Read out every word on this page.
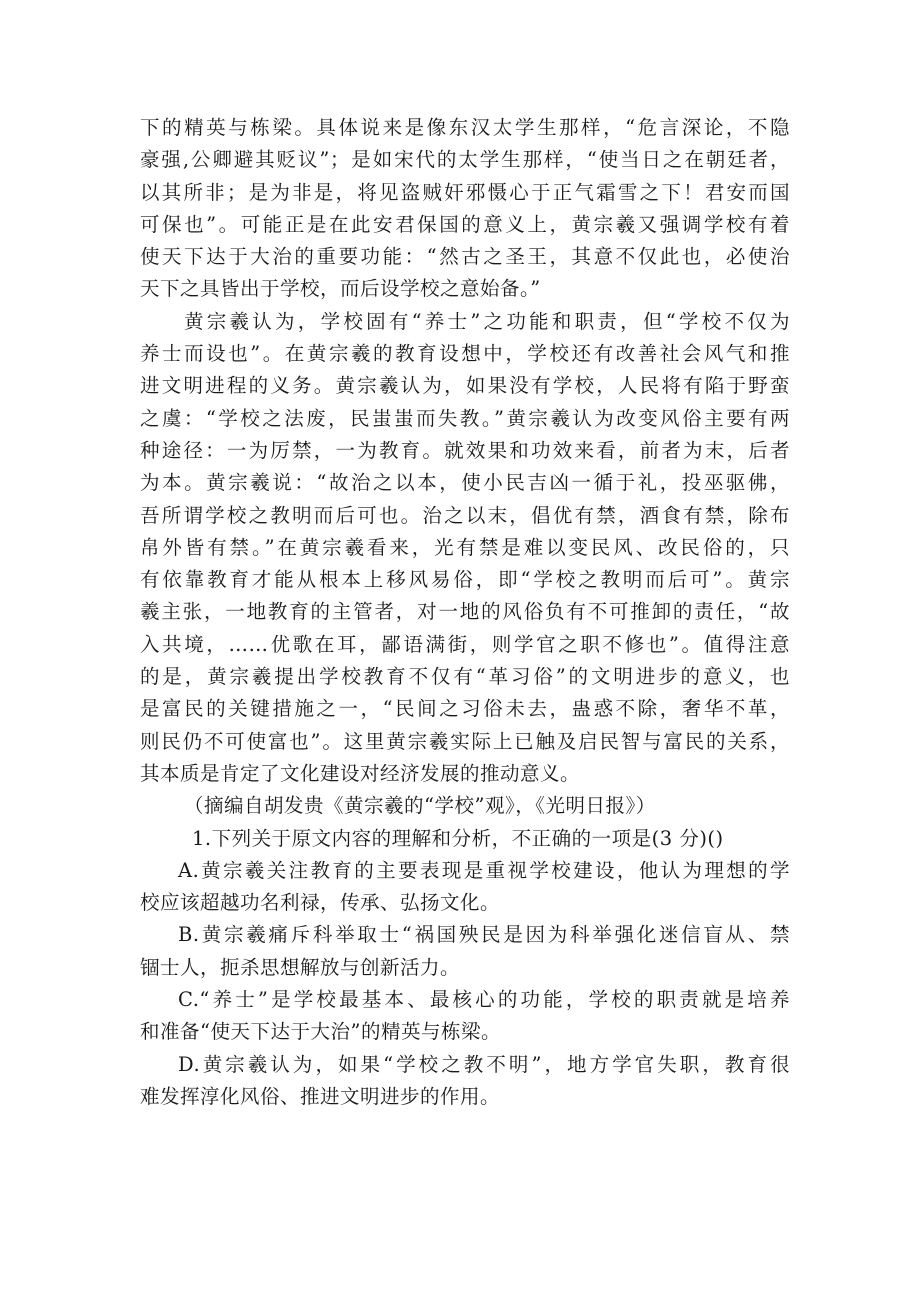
下的精英与栋梁。具体说来是像东汉太学生那样，“危言深论，不隐
豪强,公卿避其贬议”；是如宋代的太学生那样，“使当日之在朝廷者，
以其所非；是为非是，将见盗贼奸邪慑心于正气霜雪之下！君安而国
可保也”。可能正是在此安君保国的意义上，黄宗羲又强调学校有着
使天下达于大治的重要功能：“然古之圣王，其意不仅此也，必使治
天下之具皆出于学校，而后设学校之意始备。”
黄宗羲认为，学校固有“养士”之功能和职责，但“学校不仅为
养士而设也”。在黄宗羲的教育设想中，学校还有改善社会风气和推
进文明进程的义务。黄宗羲认为，如果没有学校，人民将有陷于野蛮
之虞：“学校之法废，民蚩蚩而失教。”黄宗羲认为改变风俗主要有两
种途径：一为厉禁，一为教育。就效果和功效来看，前者为末，后者
为本。黄宗羲说：“故治之以本，使小民吉凶一循于礼，投巫驱佛，
吾所谓学校之教明而后可也。治之以末，倡优有禁，酒食有禁，除布
帛外皆有禁。”在黄宗羲看来，光有禁是难以变民风、改民俗的，只
有依靠教育才能从根本上移风易俗，即“学校之教明而后可”。黄宗
羲主张，一地教育的主管者，对一地的风俗负有不可推卸的责任，“故
入共境，……优歌在耳，鄙语满街，则学官之职不修也”。值得注意
的是，黄宗羲提出学校教育不仅有“革习俗”的文明进步的意义，也
是富民的关键措施之一，“民间之习俗未去，蛊惑不除，奢华不革，
则民仍不可使富也”。这里黄宗羲实际上已触及启民智与富民的关系，
其本质是肯定了文化建设对经济发展的推动意义。
（摘编自胡发贵《黄宗羲的“学校”观》，《光明日报》）
1.下列关于原文内容的理解和分析，不正确的一项是(3 分)()
A.黄宗羲关注教育的主要表现是重视学校建设，他认为理想的学
校应该超越功名利禄，传承、弘扬文化。
B.黄宗羲痛斥科举取士“祸国殃民是因为科举强化迷信盲从、禁
锢士人，扼杀思想解放与创新活力。
C.“养士”是学校最基本、最核心的功能，学校的职责就是培养
和准备“使天下达于大治”的精英与栋梁。
D.黄宗羲认为，如果“学校之教不明”，地方学官失职，教育很
难发挥淳化风俗、推进文明进步的作用。
